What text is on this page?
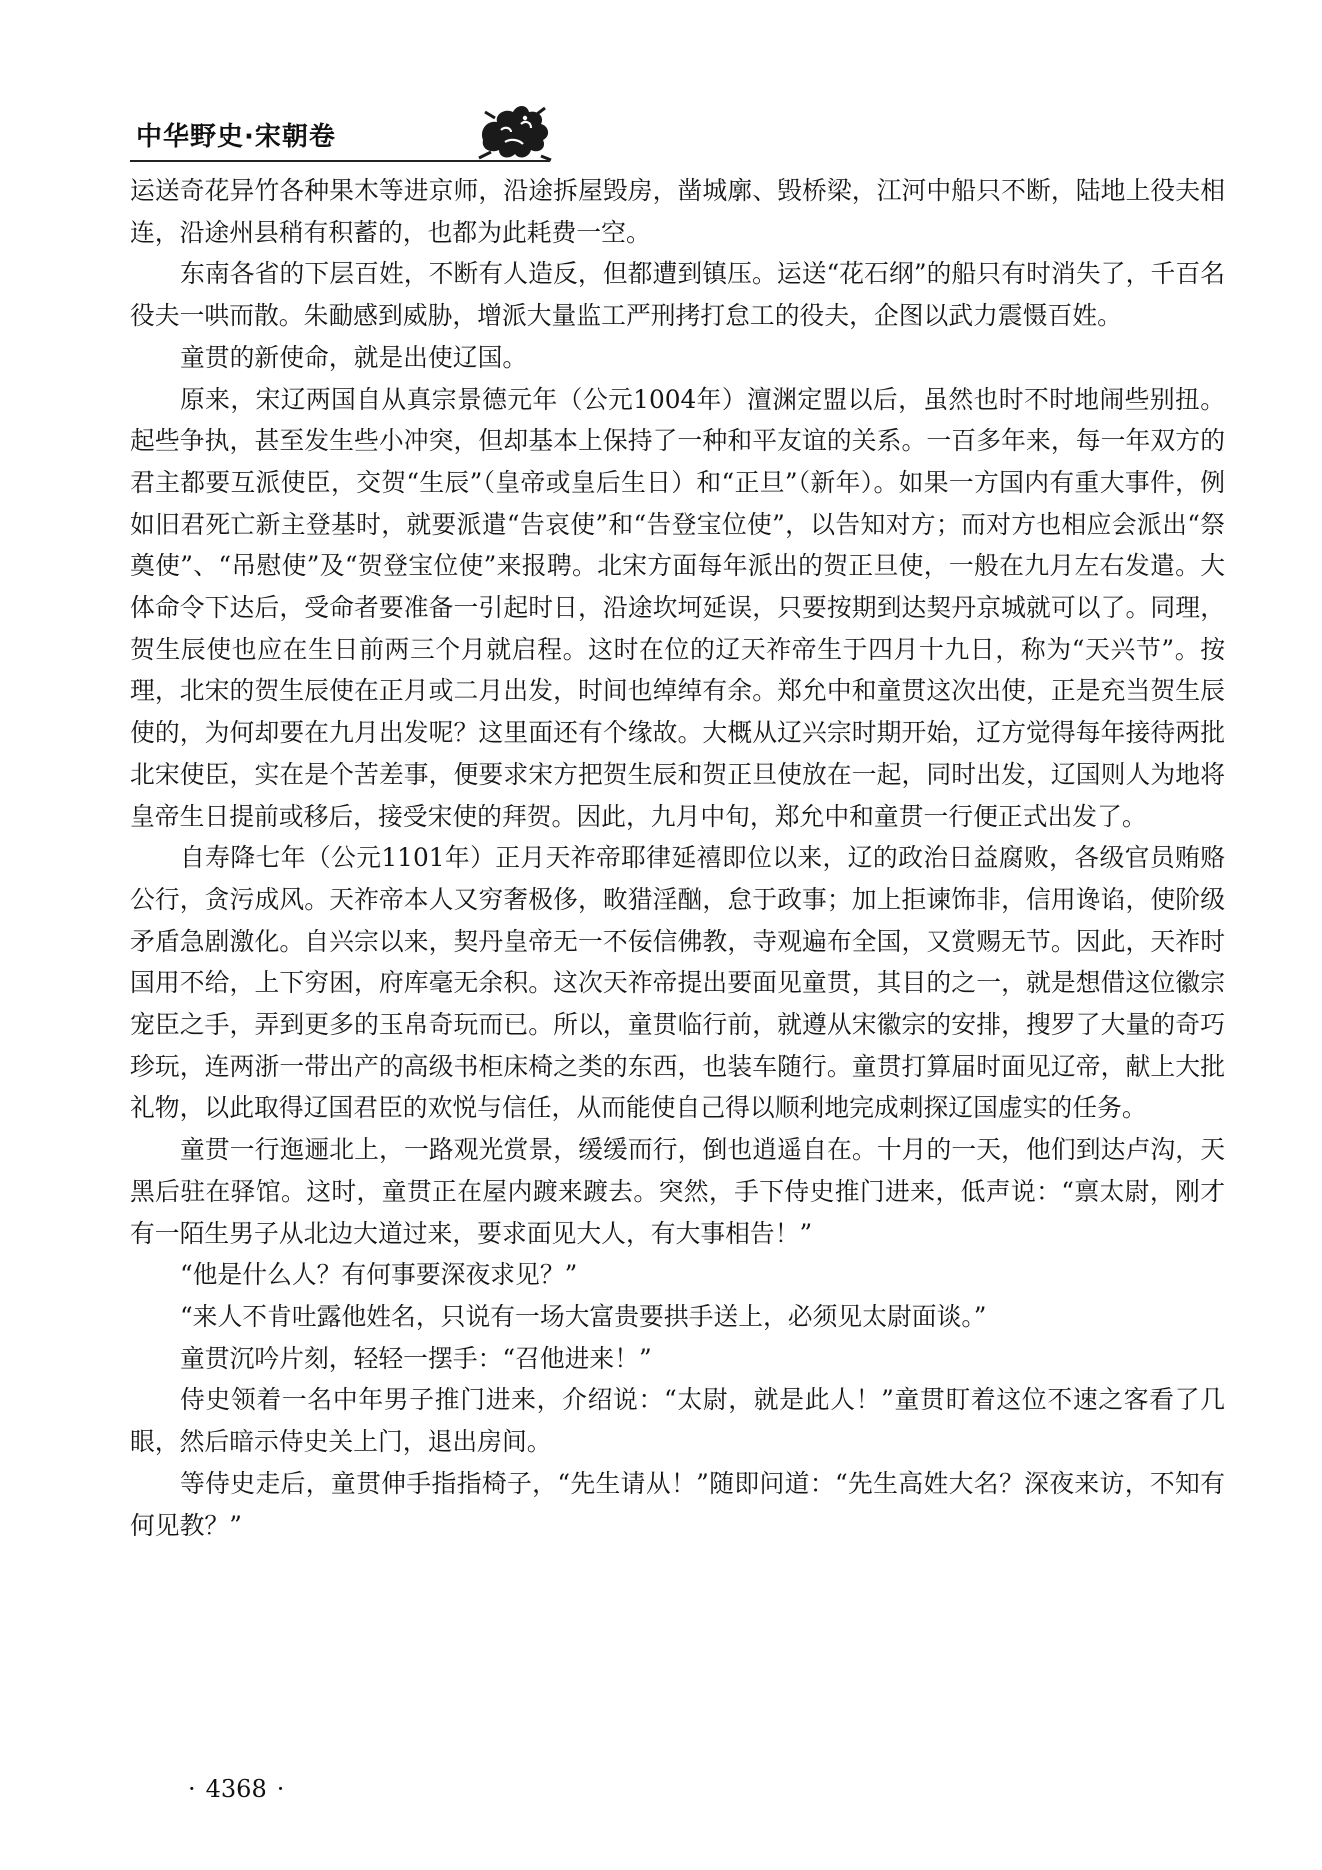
中华野史·宋朝卷

运送奇花异竹各种果木等进京师，沿途拆屋毁房，凿城廓、毁桥梁，江河中船只不断，陆地上役夫相连，沿途州县稍有积蓄的，也都为此耗费一空。

东南各省的下层百姓，不断有人造反，但都遭到镇压。运送“花石纲”的船只有时消失了，千百名役夫一哄而散。朱勔感到威胁，增派大量监工严刑拷打怠工的役夫，企图以武力震慑百姓。

童贯的新使命，就是出使辽国。

原来，宋辽两国自从真宗景德元年（公元1004年）澶渊定盟以后，虽然也时不时地闹些别扭。起些争执，甚至发生些小冲突，但却基本上保持了一种和平友谊的关系。一百多年来，每一年双方的君主都要互派使臣，交贺“生辰”（皇帝或皇后生日）和“正旦”（新年）。如果一方国内有重大事件，例如旧君死亡新主登基时，就要派遣“告哀使”和“告登宝位使”，以告知对方；而对方也相应会派出“祭奠使”、“吊慰使”及“贺登宝位使”来报聘。北宋方面每年派出的贺正旦使，一般在九月左右发遣。大体命令下达后，受命者要准备一引起时日，沿途坎坷延误，只要按期到达契丹京城就可以了。同理，贺生辰使也应在生日前两三个月就启程。这时在位的辽天祚帝生于四月十九日，称为“天兴节”。按理，北宋的贺生辰使在正月或二月出发，时间也绰绰有余。郑允中和童贯这次出使，正是充当贺生辰使的，为何却要在九月出发呢？这里面还有个缘故。大概从辽兴宗时期开始，辽方觉得每年接待两批北宋使臣，实在是个苦差事，便要求宋方把贺生辰和贺正旦使放在一起，同时出发，辽国则人为地将皇帝生日提前或移后，接受宋使的拜贺。因此，九月中旬，郑允中和童贯一行便正式出发了。

自寿降七年（公元1101年）正月天祚帝耶律延禧即位以来，辽的政治日益腐败，各级官员贿赂公行，贪污成风。天祚帝本人又穷奢极侈，畋猎淫酗，怠于政事；加上拒谏饰非，信用谗谄，使阶级矛盾急剧激化。自兴宗以来，契丹皇帝无一不佞信佛教，寺观遍布全国，又赏赐无节。因此，天祚时国用不给，上下穷困，府库毫无余积。这次天祚帝提出要面见童贯，其目的之一，就是想借这位徽宗宠臣之手，弄到更多的玉帛奇玩而已。所以，童贯临行前，就遵从宋徽宗的安排，搜罗了大量的奇巧珍玩，连两浙一带出产的高级书柜床椅之类的东西，也装车随行。童贯打算届时面见辽帝，献上大批礼物，以此取得辽国君臣的欢悦与信任，从而能使自己得以顺利地完成刺探辽国虚实的任务。

童贯一行迤逦北上，一路观光赏景，缓缓而行，倒也逍遥自在。十月的一天，他们到达卢沟，天黑后驻在驿馆。这时，童贯正在屋内踱来踱去。突然，手下侍史推门进来，低声说：“禀太尉，刚才有一陌生男子从北边大道过来，要求面见大人，有大事相告！”

“他是什么人？有何事要深夜求见？”

“来人不肯吐露他姓名，只说有一场大富贵要拱手送上，必须见太尉面谈。”

童贯沉吟片刻，轻轻一摆手：“召他进来！”

侍史领着一名中年男子推门进来，介绍说：“太尉，就是此人！”童贯盯着这位不速之客看了几眼，然后暗示侍史关上门，退出房间。

等侍史走后，童贯伸手指指椅子，“先生请从！”随即问道：“先生高姓大名？深夜来访，不知有何见教？”

· 4368 ·
